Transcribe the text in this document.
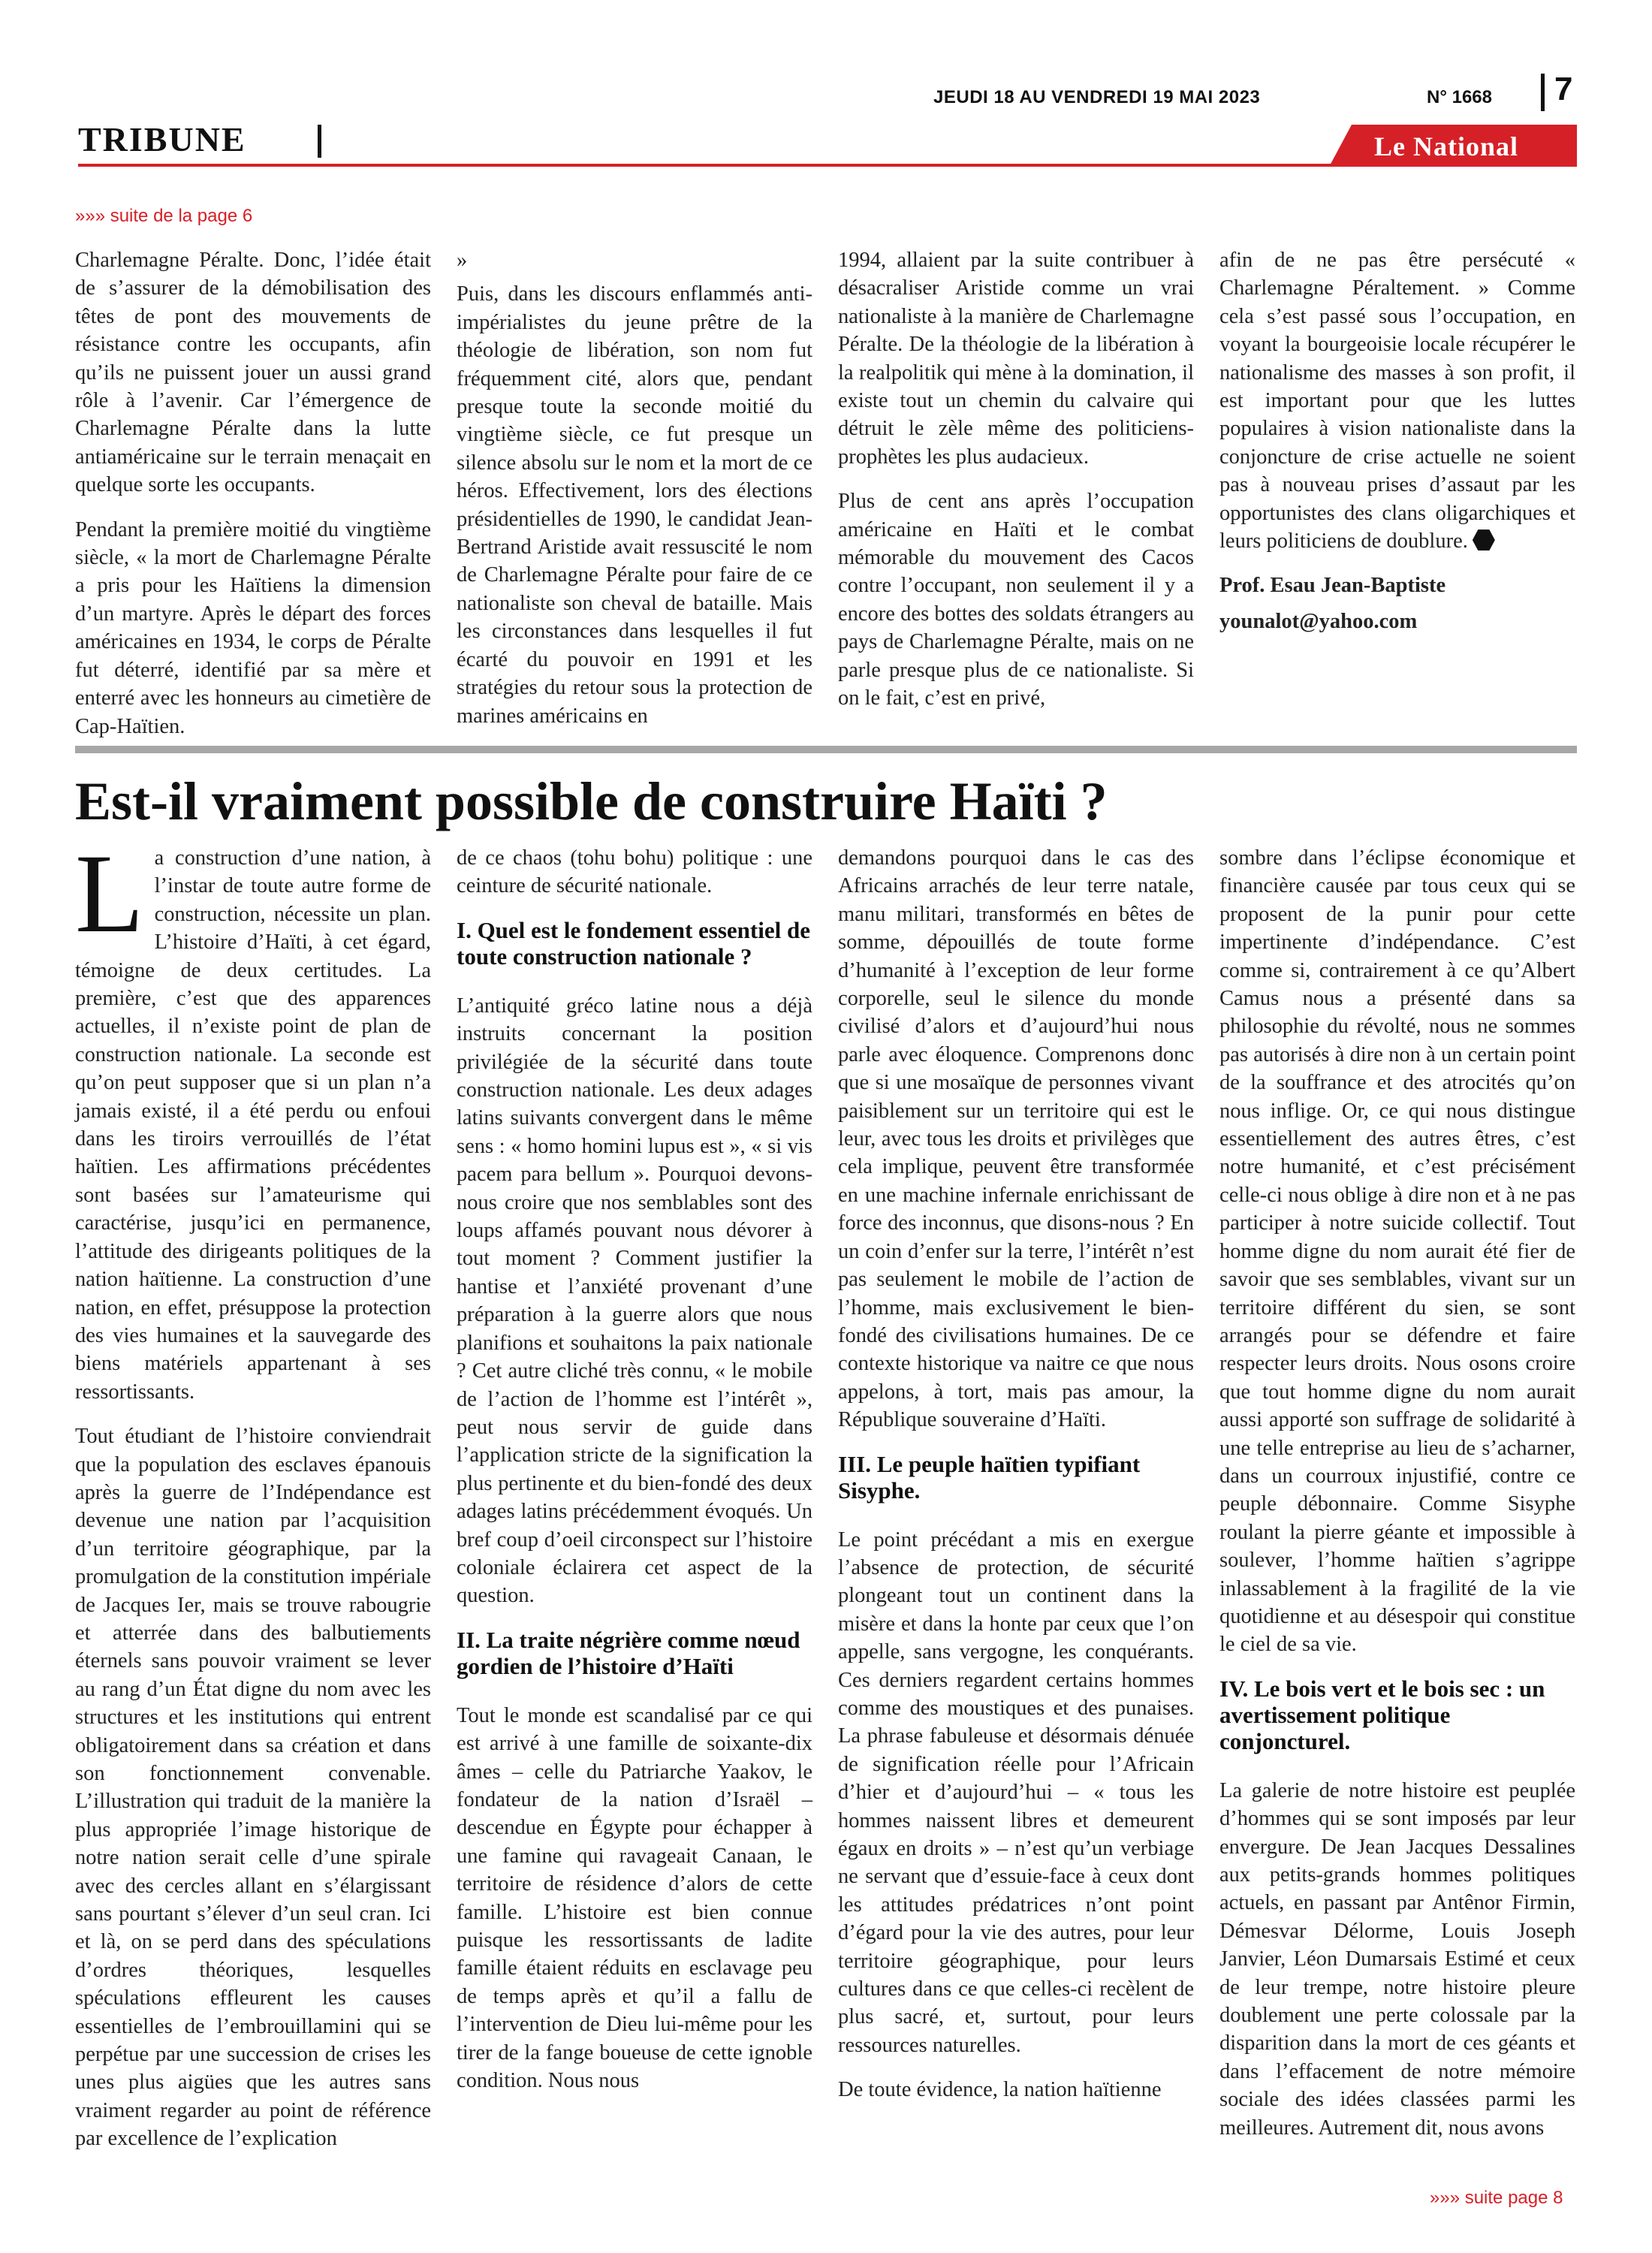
JEUDI 18 AU VENDREDI 19 MAI 2023	N° 1668 7
TRIBUNE	Le National
»»» suite de la page 6

Charlemagne Péralte. Donc, l’idée était de s’assurer de la démobilisation des têtes de pont des mouvements de résistance contre les occupants, afin qu’ils ne puissent jouer un aussi grand rôle à l’avenir. Car l’émergence de Charlemagne Péralte dans la lutte antiaméricaine sur le terrain menaçait en quelque sorte les occupants.

Pendant la première moitié du vingtième siècle, « la mort de Charlemagne Péralte a pris pour les Haïtiens la dimension d’un martyre. Après le départ des forces américaines en 1934, le corps de Péralte fut déterré, identifié par sa mère et enterré avec les honneurs au cimetière de Cap-Haïtien.

»

Puis, dans les discours enflammés anti-impérialistes du jeune prêtre de la théologie de libération, son nom fut fréquemment cité, alors que, pendant presque toute la seconde moitié du vingtième siècle, ce fut presque un silence absolu sur le nom et la mort de ce héros. Effectivement, lors des élections présidentielles de 1990, le candidat Jean-Bertrand Aristide avait ressuscité le nom de Charlemagne Péralte pour faire de ce nationaliste son cheval de bataille. Mais les circonstances dans lesquelles il fut écarté du pouvoir en 1991 et les stratégies du retour sous la protection de marines américains en

1994, allaient par la suite contribuer à désacraliser Aristide comme un vrai nationaliste à la manière de Charlemagne Péralte. De la théologie de la libération à la realpolitik qui mène à la domination, il existe tout un chemin du calvaire qui détruit le zèle même des politiciens-prophètes les plus audacieux.

Plus de cent ans après l’occupation américaine en Haïti et le combat mémorable du mouvement des Cacos contre l’occupant, non seulement il y a encore des bottes des soldats étrangers au pays de Charlemagne Péralte, mais on ne parle presque plus de ce nationaliste. Si on le fait, c’est en privé,

afin de ne pas être persécuté « Charlemagne Péraltement. » Comme cela s’est passé sous l’occupation, en voyant la bourgeoisie locale récupérer le nationalisme des masses à son profit, il est important pour que les luttes populaires à vision nationaliste dans la conjoncture de crise actuelle ne soient pas à nouveau prises d’assaut par les opportunistes des clans oligarchiques et leurs politiciens de doublure.

Prof. Esau Jean-Baptiste
younalot@yahoo.com
Est-il vraiment possible de construire Haïti ?

La construction d’une nation, à l’instar de toute autre forme de construction, nécessite un plan. L’histoire d’Haïti, à cet égard, témoigne de deux certitudes. La première, c’est que des apparences actuelles, il n’existe point de plan de construction nationale. La seconde est qu’on peut supposer que si un plan n’a jamais existé, il a été perdu ou enfoui dans les tiroirs verrouillés de l’état haïtien. Les affirmations précédentes sont basées sur l’amateurisme qui caractérise, jusqu’ici en permanence, l’attitude des dirigeants politiques de la nation haïtienne. La construction d’une nation, en effet, présuppose la protection des vies humaines et la sauvegarde des biens matériels appartenant à ses ressortissants.

Tout étudiant de l’histoire conviendrait que la population des esclaves épanouis après la guerre de l’Indépendance est devenue une nation par l’acquisition d’un territoire géographique, par la promulgation de la constitution impériale de Jacques Ier, mais se trouve rabougrie et atterrée dans des balbutiements éternels sans pouvoir vraiment se lever au rang d’un État digne du nom avec les structures et les institutions qui entrent obligatoirement dans sa création et dans son fonctionnement convenable. L’illustration qui traduit de la manière la plus appropriée l’image historique de notre nation serait celle d’une spirale avec des cercles allant en s’élargissant sans pourtant s’élever d’un seul cran. Ici et là, on se perd dans des spéculations d’ordres théoriques, lesquelles spéculations effleurent les causes essentielles de l’embrouillamini qui se perpétue par une succession de crises les unes plus aigües que les autres sans vraiment regarder au point de référence par excellence de l’explication

de ce chaos (tohu bohu) politique : une ceinture de sécurité nationale.

I. Quel est le fondement essentiel de toute construction nationale ?

L’antiquité gréco latine nous a déjà instruits concernant la position privilégiée de la sécurité dans toute construction nationale. Les deux adages latins suivants convergent dans le même sens : « homo homini lupus est », « si vis pacem para bellum ». Pourquoi devons-nous croire que nos semblables sont des loups affamés pouvant nous dévorer à tout moment ? Comment justifier la hantise et l’anxiété provenant d’une préparation à la guerre alors que nous planifions et souhaitons la paix nationale ? Cet autre cliché très connu, « le mobile de l’action de l’homme est l’intérêt », peut nous servir de guide dans l’application stricte de la signification la plus pertinente et du bien-fondé des deux adages latins précédemment évoqués. Un bref coup d’oeil circonspect sur l’histoire coloniale éclairera cet aspect de la question.

II. La traite négrière comme nœud gordien de l’histoire d’Haïti

Tout le monde est scandalisé par ce qui est arrivé à une famille de soixante-dix âmes – celle du Patriarche Yaakov, le fondateur de la nation d’Israël – descendue en Égypte pour échapper à une famine qui ravageait Canaan, le territoire de résidence d’alors de cette famille. L’histoire est bien connue puisque les ressortissants de ladite famille étaient réduits en esclavage peu de temps après et qu’il a fallu de l’intervention de Dieu lui-même pour les tirer de la fange boueuse de cette ignoble condition. Nous nous

demandons pourquoi dans le cas des Africains arrachés de leur terre natale, manu militari, transformés en bêtes de somme, dépouillés de toute forme d’humanité à l’exception de leur forme corporelle, seul le silence du monde civilisé d’alors et d’aujourd’hui nous parle avec éloquence. Comprenons donc que si une mosaïque de personnes vivant paisiblement sur un territoire qui est le leur, avec tous les droits et privilèges que cela implique, peuvent être transformée en une machine infernale enrichissant de force des inconnus, que disons-nous ? En un coin d’enfer sur la terre, l’intérêt n’est pas seulement le mobile de l’action de l’homme, mais exclusivement le bien-fondé des civilisations humaines. De ce contexte historique va naitre ce que nous appelons, à tort, mais pas amour, la République souveraine d’Haïti.

III. Le peuple haïtien typifiant Sisyphe.

Le point précédant a mis en exergue l’absence de protection, de sécurité plongeant tout un continent dans la misère et dans la honte par ceux que l’on appelle, sans vergogne, les conquérants. Ces derniers regardent certains hommes comme des moustiques et des punaises. La phrase fabuleuse et désormais dénuée de signification réelle pour l’Africain d’hier et d’aujourd’hui – « tous les hommes naissent libres et demeurent égaux en droits » – n’est qu’un verbiage ne servant que d’essuie-face à ceux dont les attitudes prédatrices n’ont point d’égard pour la vie des autres, pour leur territoire géographique, pour leurs cultures dans ce que celles-ci recèlent de plus sacré, et, surtout, pour leurs ressources naturelles.

De toute évidence, la nation haïtienne

sombre dans l’éclipse économique et financière causée par tous ceux qui se proposent de la punir pour cette impertinente d’indépendance. C’est comme si, contrairement à ce qu’Albert Camus nous a présenté dans sa philosophie du révolté, nous ne sommes pas autorisés à dire non à un certain point de la souffrance et des atrocités qu’on nous inflige. Or, ce qui nous distingue essentiellement des autres êtres, c’est notre humanité, et c’est précisément celle-ci nous oblige à dire non et à ne pas participer à notre suicide collectif. Tout homme digne du nom aurait été fier de savoir que ses semblables, vivant sur un territoire différent du sien, se sont arrangés pour se défendre et faire respecter leurs droits. Nous osons croire que tout homme digne du nom aurait aussi apporté son suffrage de solidarité à une telle entreprise au lieu de s’acharner, dans un courroux injustifié, contre ce peuple débonnaire. Comme Sisyphe roulant la pierre géante et impossible à soulever, l’homme haïtien s’agrippe inlassablement à la fragilité de la vie quotidienne et au désespoir qui constitue le ciel de sa vie.

IV. Le bois vert et le bois sec : un avertissement politique conjoncturel.

La galerie de notre histoire est peuplée d’hommes qui se sont imposés par leur envergure. De Jean Jacques Dessalines aux petits-grands hommes politiques actuels, en passant par Antênor Firmin, Démesvar Délorme, Louis Joseph Janvier, Léon Dumarsais Estimé et ceux de leur trempe, notre histoire pleure doublement une perte colossale par la disparition dans la mort de ces géants et dans l’effacement de notre mémoire sociale des idées classées parmi les meilleures. Autrement dit, nous avons

»»» suite page 8
